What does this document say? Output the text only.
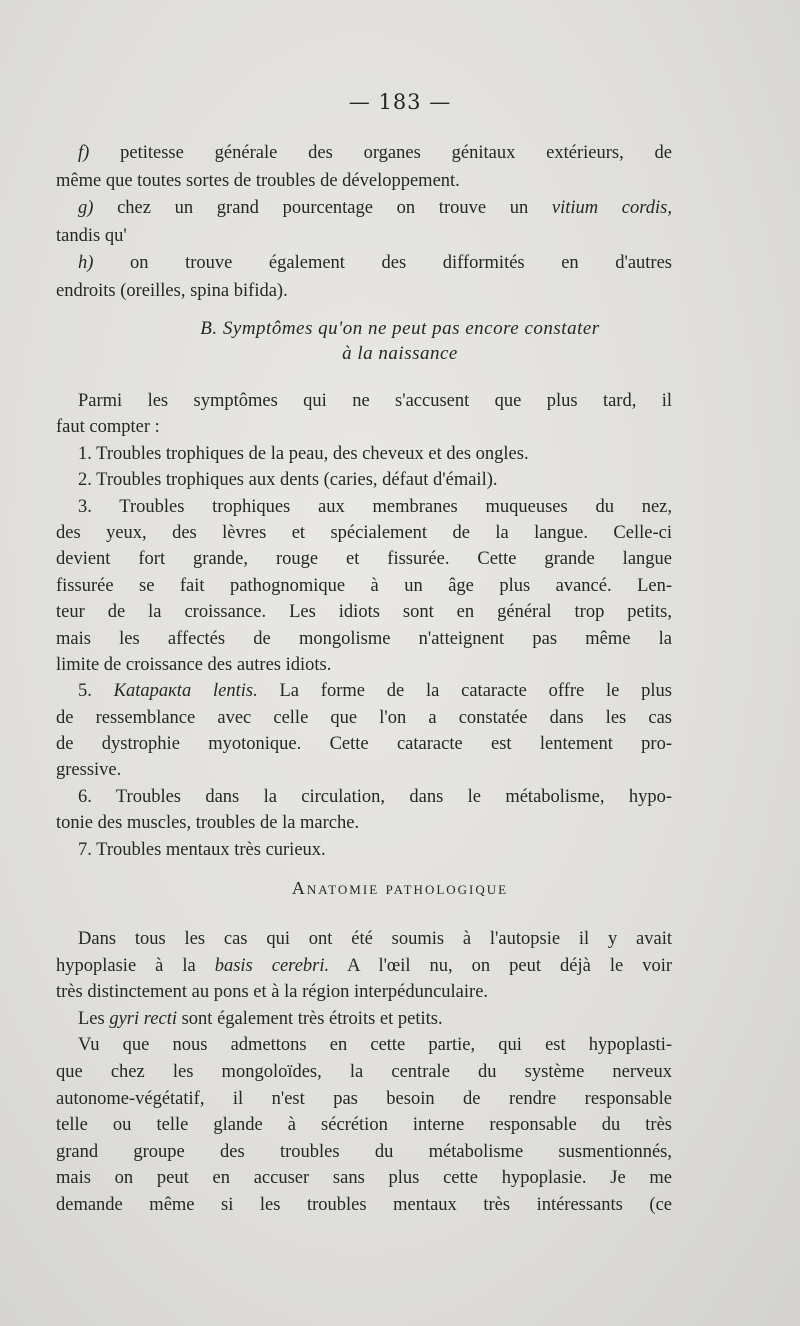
— 183 —
f) petitesse générale des organes génitaux extérieurs, de
même que toutes sortes de troubles de développement.
g) chez un grand pourcentage on trouve un vitium cordis,
tandis qu'
h) on trouve également des difformités en d'autres
endroits (oreilles, spina bifida).
B. Symptômes qu'on ne peut pas encore constater
à la naissance
Parmi les symptômes qui ne s'accusent que plus tard, il
faut compter :
1. Troubles trophiques de la peau, des cheveux et des ongles.
2. Troubles trophiques aux dents (caries, défaut d'émail).
3. Troubles trophiques aux membranes muqueuses du nez,
des yeux, des lèvres et spécialement de la langue. Celle-ci
devient fort grande, rouge et fissurée. Cette grande langue
fissurée se fait pathognomique à un âge plus avancé. Len-
teur de la croissance. Les idiots sont en général trop petits,
mais les affectés de mongolisme n'atteignent pas même la
limite de croissance des autres idiots.
5. Kataракta lentis. La forme de la cataracte offre le plus
de ressemblance avec celle que l'on a constatée dans les cas
de dystrophie myotonique. Cette cataracte est lentement pro-
gressive.
6. Troubles dans la circulation, dans le métabolisme, hypo-
tonie des muscles, troubles de la marche.
7. Troubles mentaux très curieux.
Anatomie pathologique
Dans tous les cas qui ont été soumis à l'autopsie il y avait
hypoplasie à la basis cerebri. A l'œil nu, on peut déjà le voir
très distinctement au pons et à la région interpédunculaire.
Les gyri recti sont également très étroits et petits.
Vu que nous admettons en cette partie, qui est hypoplasti-
que chez les mongoloïdes, la centrale du système nerveux
autonome-végétatif, il n'est pas besoin de rendre responsable
telle ou telle glande à sécrétion interne responsable du très
grand groupe des troubles du métabolisme susmentionnés,
mais on peut en accuser sans plus cette hypoplasie. Je me
demande même si les troubles mentaux très intéressants (ce
